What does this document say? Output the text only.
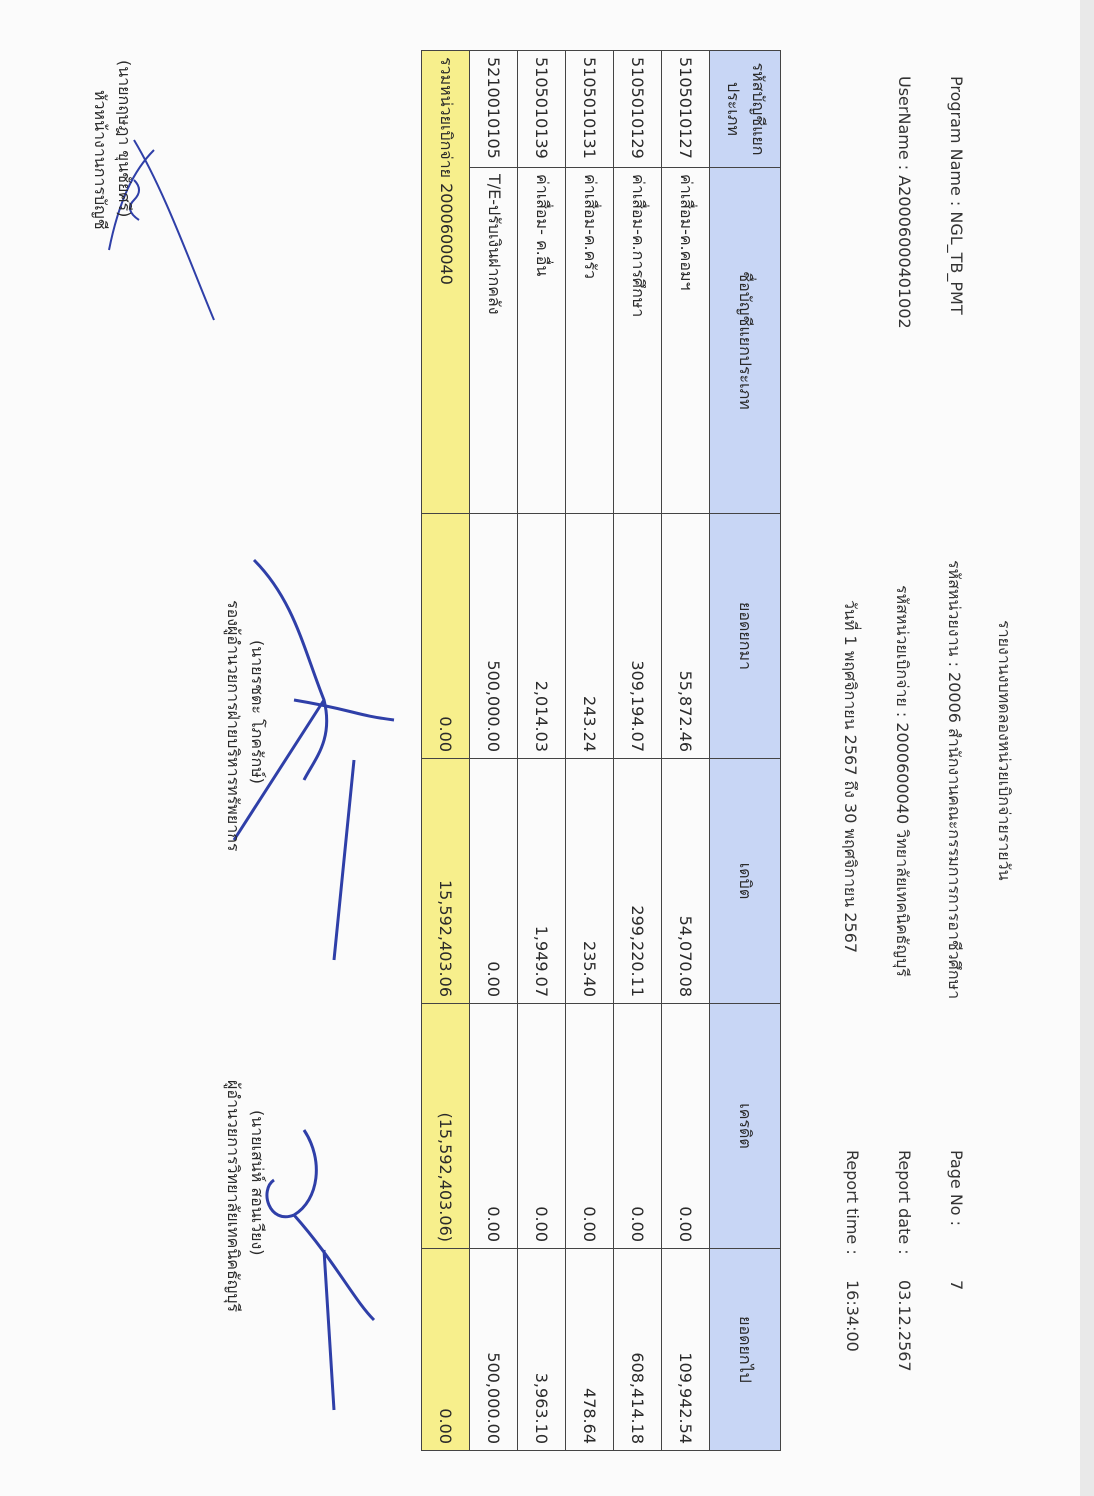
Program Name : NGL_TB_PMT
UserName : A2000600040​1002
รายงานงบทดลองหน่วยเบิกจ่ายรายวัน
รหัสหน่วยงาน : 20006 สำนักงานคณะกรรมการการอาชีวศึกษา
รหัสหน่วยเบิกจ่าย : 2000600040 วิทยาลัยเทคนิคธัญบุรี
วันที่ 1 พฤศจิกายน 2567 ถึง 30 พฤศจิกายน 2567
Page No :
7
Report date :
03.12.2567
Report time :
16:34:00
รหัสบัญชีแยกประเภท	ชื่อบัญชีแยกประเภท	ยอดยกมา	เดบิต	เครดิต	ยอดยกไป
5105010127	ค่าเสื่อม-ค.คอมฯ	55,872.46	54,070.08	0.00	109,942.54
5105010129	ค่าเสื่อม-ค.การศึกษา	309,194.07	299,220.11	0.00	608,414.18
5105010131	ค่าเสื่อม-ค.ครัว	243.24	235.40	0.00	478.64
5105010139	ค่าเสื่อม- ค.อื่น	2,014.03	1,949.07	0.00	3,963.10
5210010105	T/E-ปรับเงินฝากคลัง	500,000.00	0.00	0.00	500,000.00
รวมหน่วยเบิกจ่าย 2000600040		0.00	15,592,403.06	(15,592,403.06)	0.00
(นายกฤษฎา ขุนชัยศรี)
หัวหน้างานการบัญชี
(นายรชตะ โภครักษ์)
รองผู้อำนวยการฝ่ายบริหารทรัพยากร
(นายเสน่ห์ สอนเวียง)
ผู้อำนวยการวิทยาลัยเทคนิคธัญบุรี
